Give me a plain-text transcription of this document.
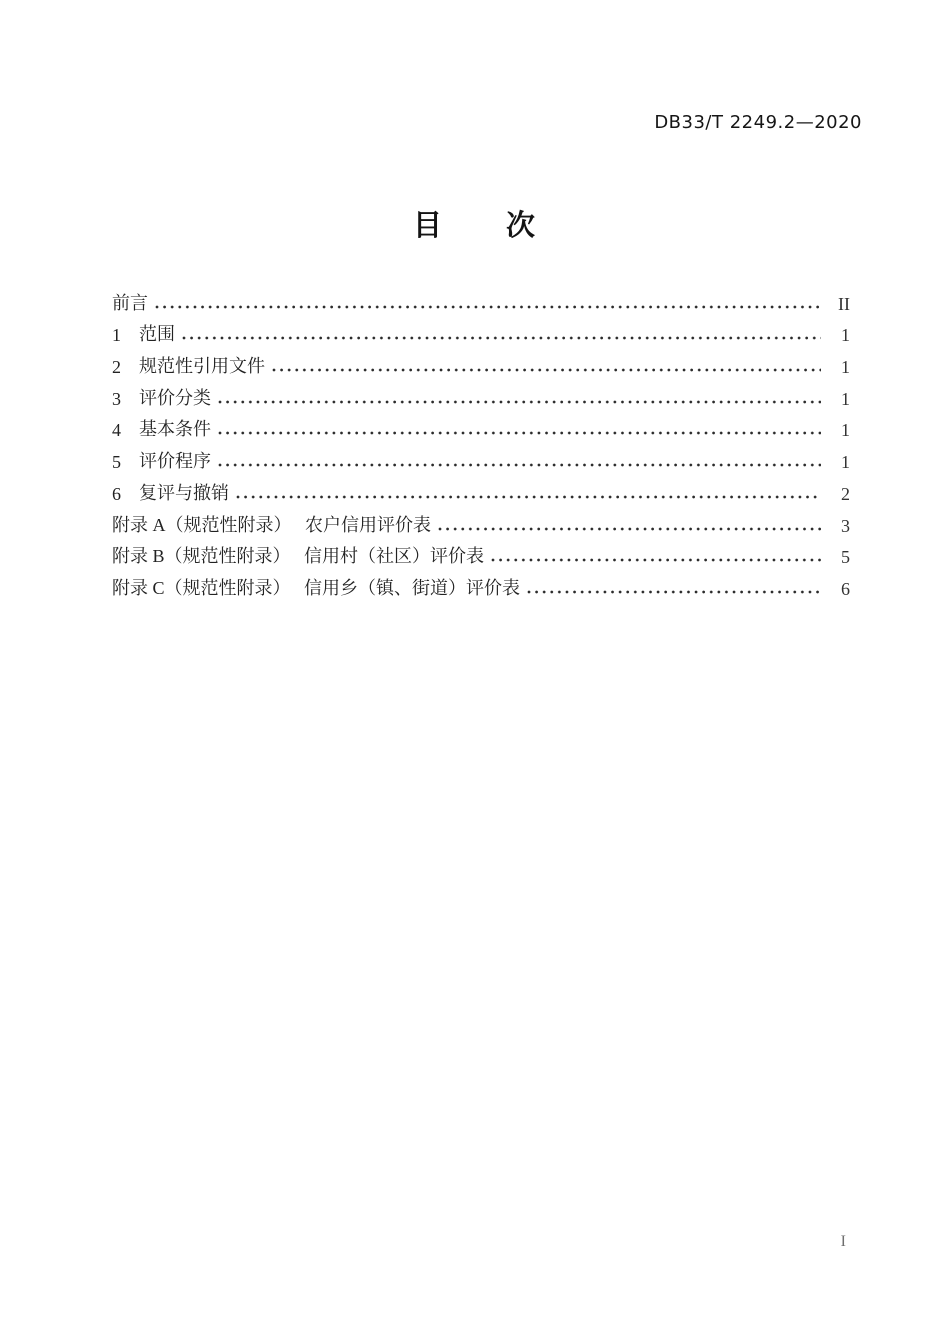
DB33/T 2249.2—2020
目　　次
前言	II
1	范围	1
2	规范性引用文件	1
3	评价分类	1
4	基本条件	1
5	评价程序	1
6	复评与撤销	2
附录 A（规范性附录）　 农户信用评价表	3
附录 B（规范性附录）　 信用村（社区）评价表	5
附录 C（规范性附录）　 信用乡（镇、街道）评价表	6
I
